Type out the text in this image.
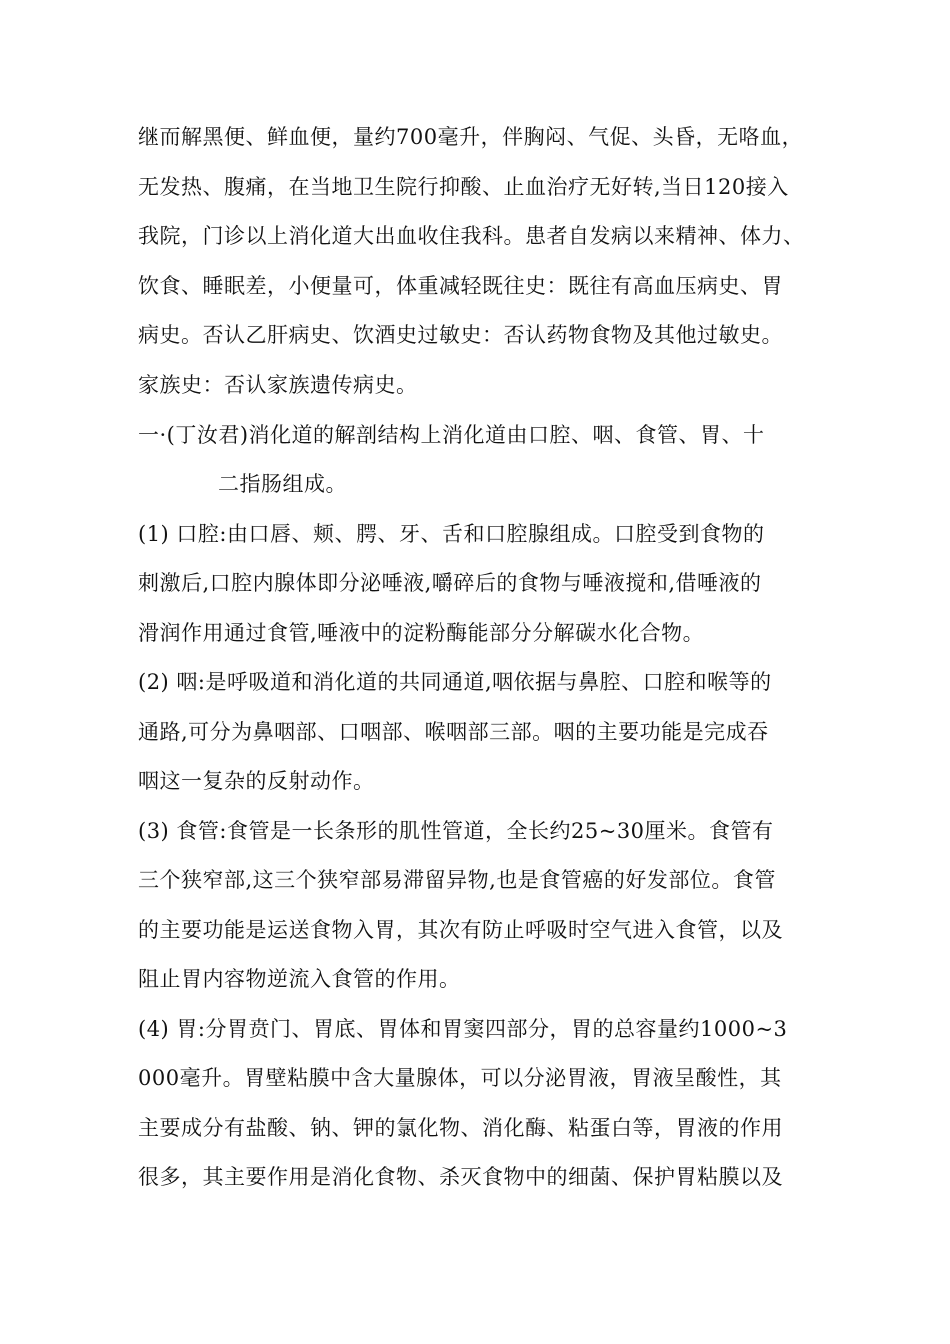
继而解黑便、鲜血便，量约700毫升，伴胸闷、气促、头昏，无咯血，
无发热、腹痛，在当地卫生院行抑酸、止血治疗无好转,当日120接入
我院，门诊以上消化道大出血收住我科。患者自发病以来精神、体力、
饮食、睡眠差，小便量可，体重减轻既往史：既往有高血压病史、胃
病史。否认乙肝病史、饮酒史过敏史：否认药物食物及其他过敏史。
家族史：否认家族遗传病史。
一·(丁汝君)消化道的解剖结构上消化道由口腔、咽、食管、胃、十
二指肠组成。
(1) 口腔:由口唇、颊、腭、牙、舌和口腔腺组成。口腔受到食物的
刺激后,口腔内腺体即分泌唾液,嚼碎后的食物与唾液搅和,借唾液的
滑润作用通过食管,唾液中的淀粉酶能部分分解碳水化合物。
(2) 咽:是呼吸道和消化道的共同通道,咽依据与鼻腔、口腔和喉等的
通路,可分为鼻咽部、口咽部、喉咽部三部。咽的主要功能是完成吞
咽这一复杂的反射动作。
(3) 食管:食管是一长条形的肌性管道，全长约25~30厘米。食管有
三个狭窄部,这三个狭窄部易滞留异物,也是食管癌的好发部位。食管
的主要功能是运送食物入胃，其次有防止呼吸时空气进入食管，以及
阻止胃内容物逆流入食管的作用。
(4) 胃:分胃贲门、胃底、胃体和胃窦四部分，胃的总容量约1000~3
000毫升。胃壁粘膜中含大量腺体，可以分泌胃液，胃液呈酸性，其
主要成分有盐酸、钠、钾的氯化物、消化酶、粘蛋白等，胃液的作用
很多，其主要作用是消化食物、杀灭食物中的细菌、保护胃粘膜以及
